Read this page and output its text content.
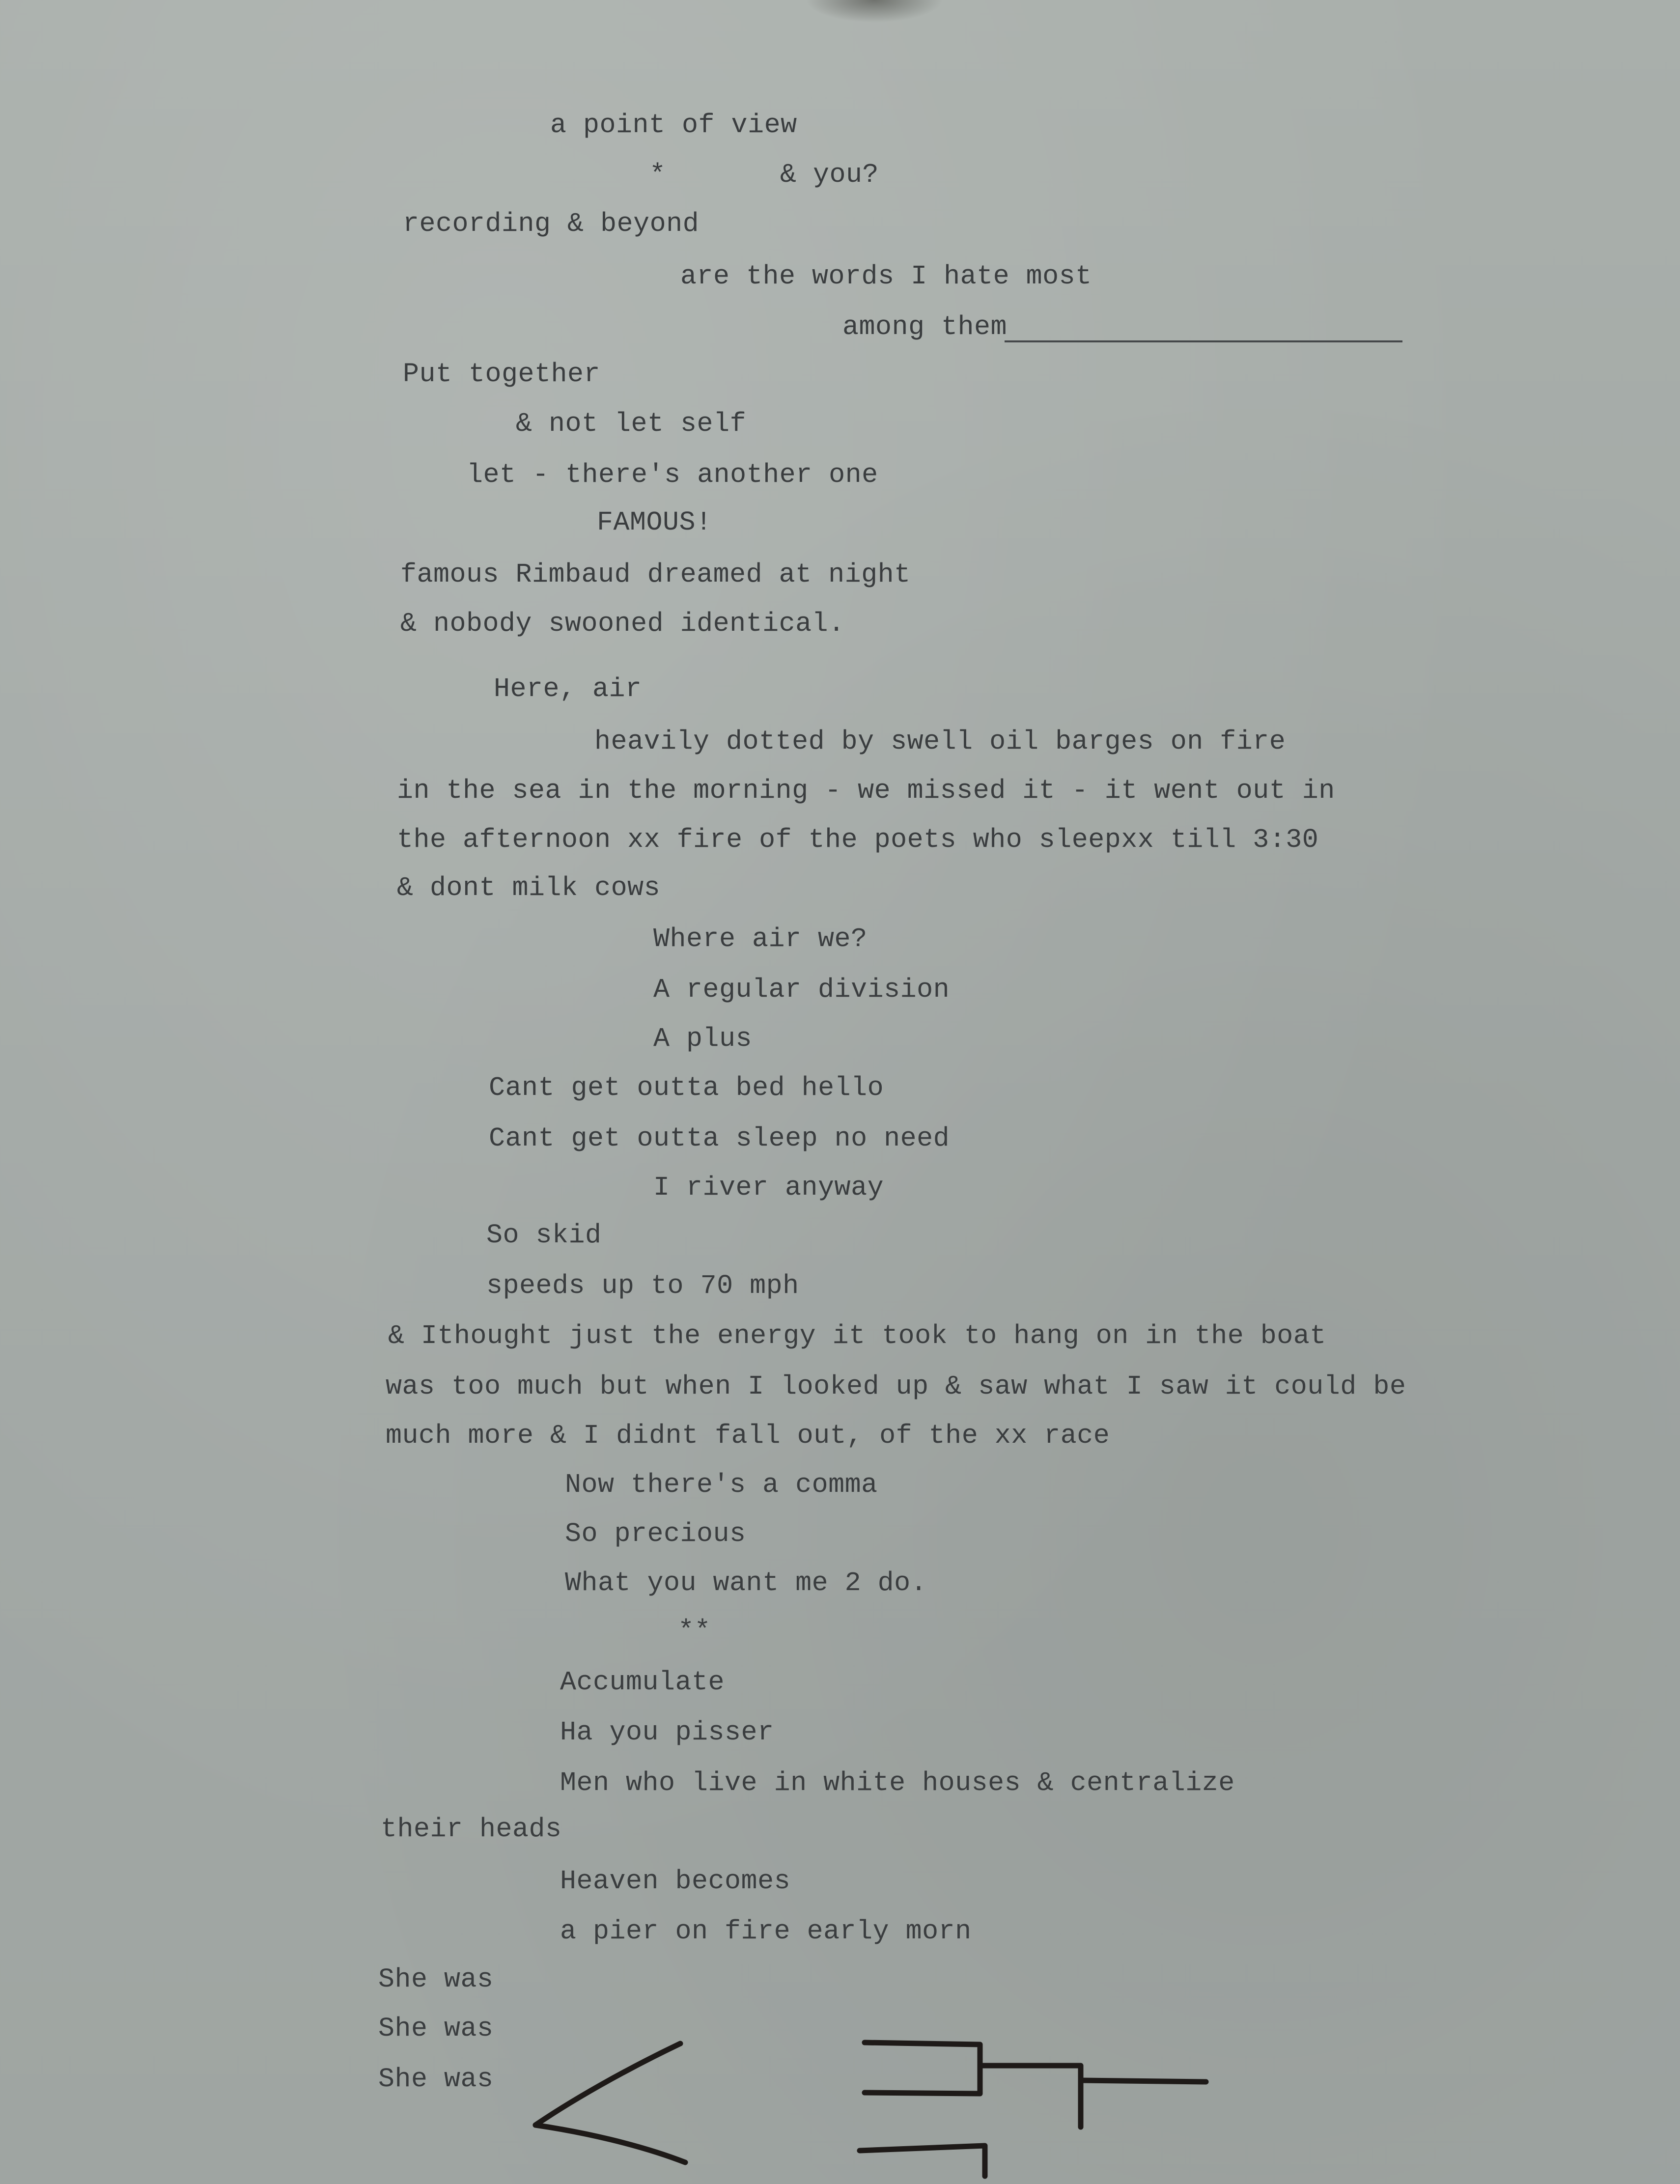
a point of view

*	& you?

recording & beyond

are the words I hate most

among them

Put together

& not let self

let - there's another one

FAMOUS!

famous Rimbaud dreamed at night

& nobody swooned identical.

Here, air

heavily dotted by swell oil barges on fire

in the sea in the morning - we missed it - it went out in

the afternoon xx fire of the poets who sleepxx till 3:30

& dont milk cows

Where air we?

A regular division

A plus

Cant get outta bed hello

Cant get outta sleep no need

I river anyway

So skid

speeds up to 70 mph

& Ithought just the energy it took to hang on in the boat

was too much but when I looked up & saw what I saw it could be

much more & I didnt fall out, of the xx race

Now there's a comma

So precious

What you want me 2 do.

**

Accumulate

Ha you pisser

Men who live in white houses & centralize

their heads

Heaven becomes

a pier on fire early morn

She was

She was

She was
